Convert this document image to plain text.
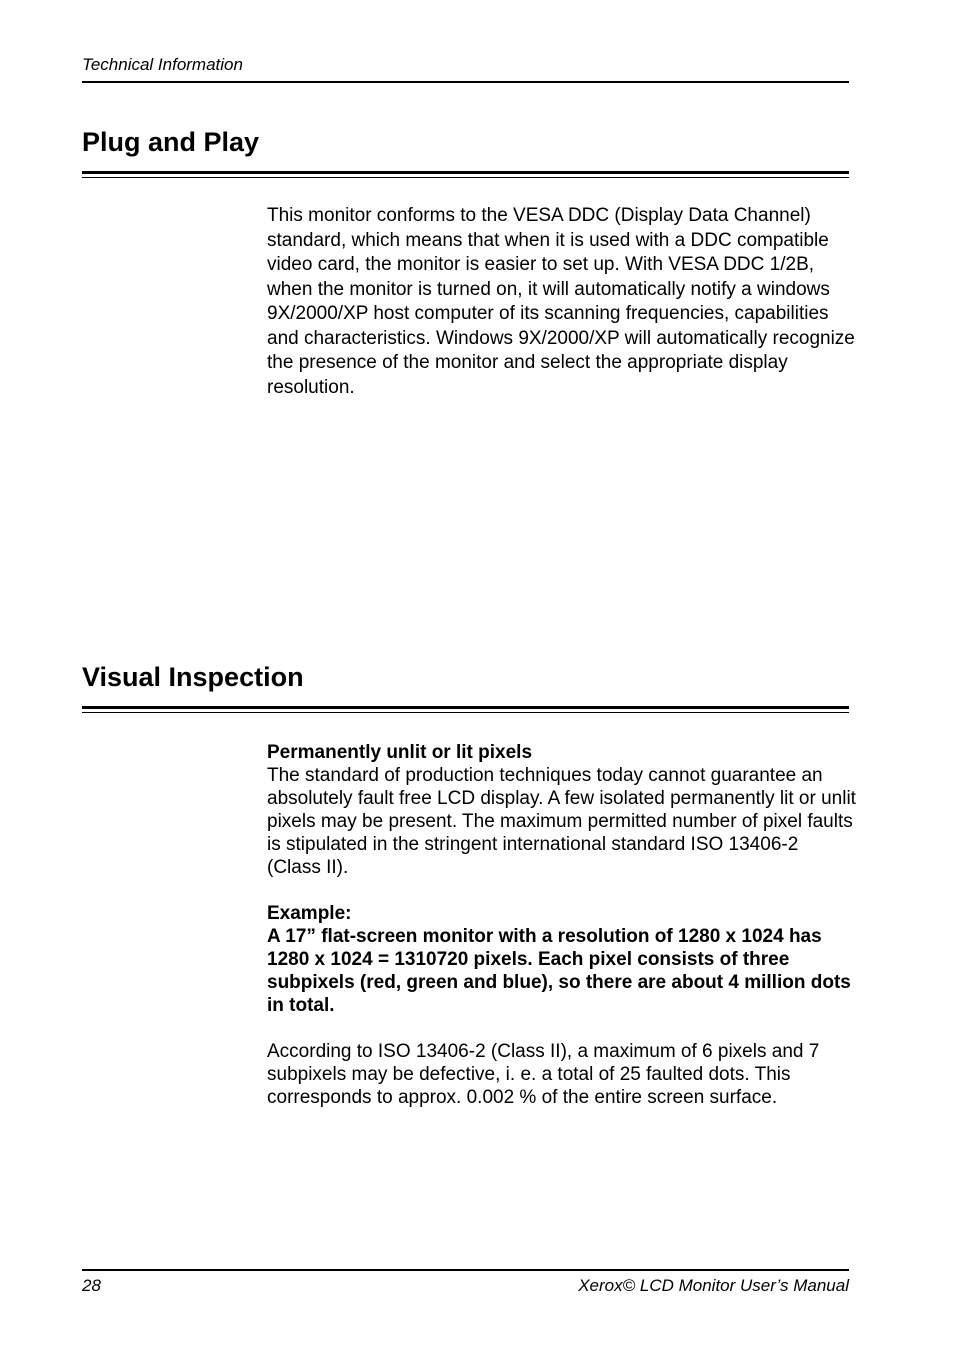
Technical Information
Plug and Play

This monitor conforms to the VESA DDC (Display Data Channel) standard, which means that when it is used with a DDC compatible video card, the monitor is easier to set up. With VESA DDC 1/2B, when the monitor is turned on, it will automatically notify a windows 9X/2000/XP host computer of its scanning frequencies, capabilities and characteristics. Windows 9X/2000/XP will automatically recognize the presence of the monitor and select the appropriate display resolution.

Visual Inspection

Permanently unlit or lit pixels

The standard of production techniques today cannot guarantee an absolutely fault free LCD display. A few isolated permanently lit or unlit pixels may be present. The maximum permitted number of pixel faults is stipulated in the stringent international standard ISO 13406-2 (Class II).

Example:

A 17” flat-screen monitor with a resolution of 1280 x 1024 has 1280 x 1024 = 1310720 pixels. Each pixel consists of three subpixels (red, green and blue), so there are about 4 million dots in total.

According to ISO 13406-2 (Class II), a maximum of 6 pixels and 7 subpixels may be defective, i. e. a total of 25 faulted dots. This corresponds to approx. 0.002 % of the entire screen surface.

28	Xerox© LCD Monitor User’s Manual
